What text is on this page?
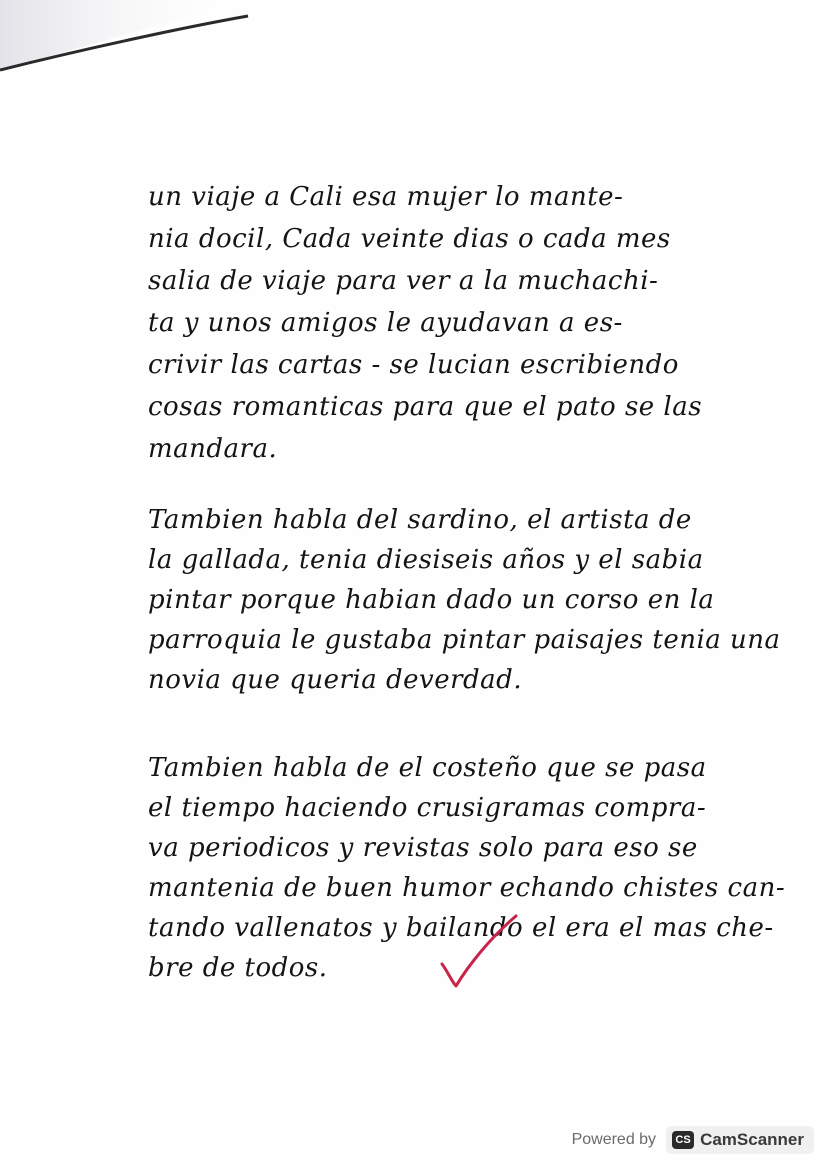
un viaje a Cali esa mujer lo mante-
nia docil, Cada veinte dias o cada mes
salia de viaje para ver a la muchachi-
ta y unos amigos le ayudavan a es-
crivir las cartas - se lucian escribiendo
cosas romanticas para que el pato se las
mandara.
Tambien habla del sardino, el artista de
la gallada, tenia diesiseis años y el sabia
pintar porque habian dado un corso en la
parroquia le gustaba pintar paisajes tenia una
novia que queria deverdad.
Tambien habla de el costeño que se pasa
el tiempo haciendo crusigramas compra-
va periodicos y revistas solo para eso se
mantenia de buen humor echando chistes can-
tando vallenatos y bailando el era el mas che-
bre de todos.
Powered by	CS CamScanner
